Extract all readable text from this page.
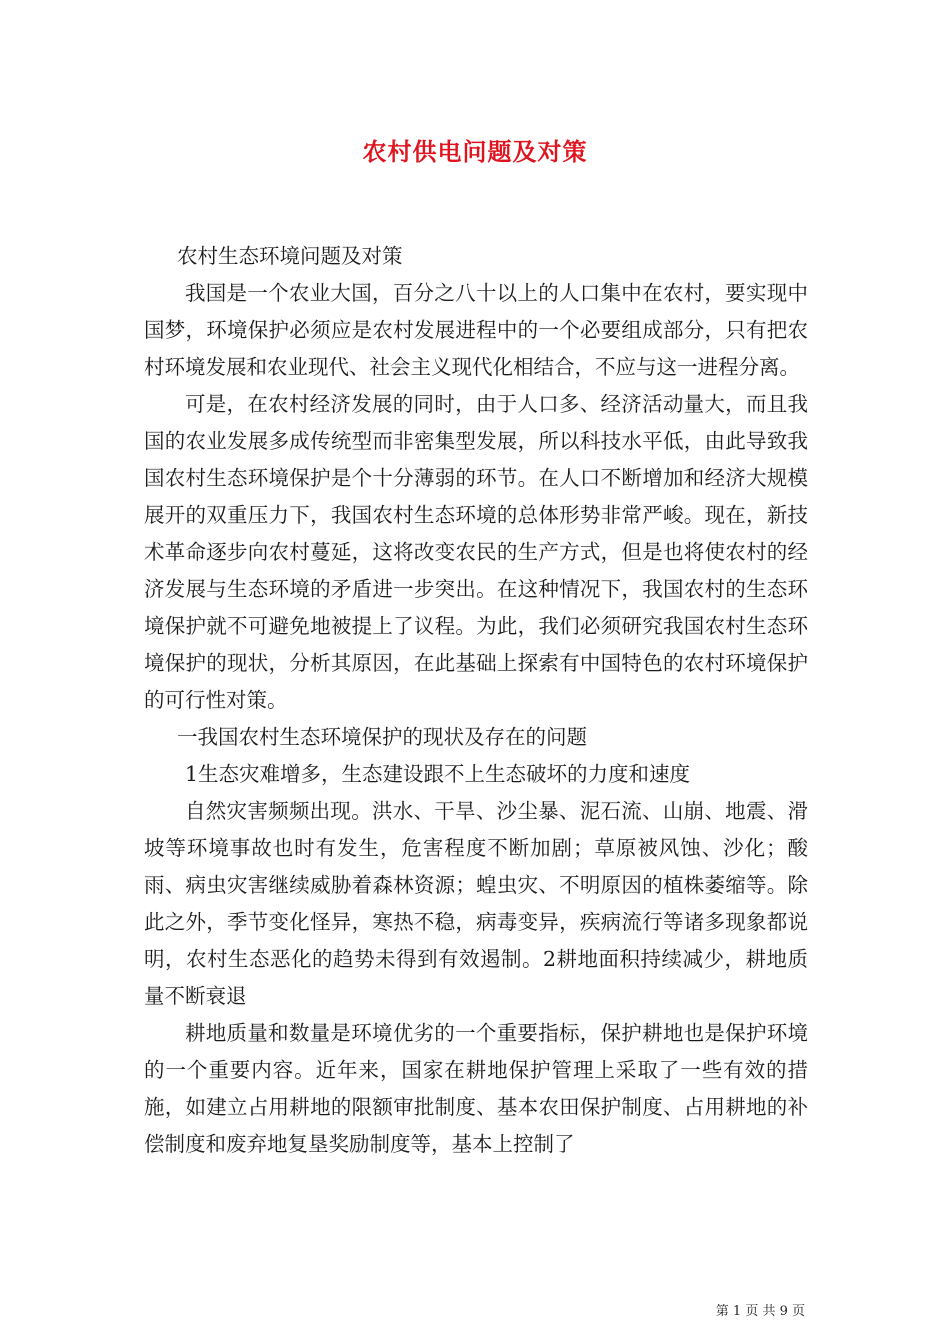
农村供电问题及对策

农村生态环境问题及对策

我国是一个农业大国，百分之八十以上的人口集中在农村，要实现中国梦，环境保护必须应是农村发展进程中的一个必要组成部分，只有把农村环境发展和农业现代、社会主义现代化相结合，不应与这一进程分离。

可是，在农村经济发展的同时，由于人口多、经济活动量大，而且我国的农业发展多成传统型而非密集型发展，所以科技水平低，由此导致我国农村生态环境保护是个十分薄弱的环节。在人口不断增加和经济大规模展开的双重压力下，我国农村生态环境的总体形势非常严峻。现在，新技术革命逐步向农村蔓延，这将改变农民的生产方式，但是也将使农村的经济发展与生态环境的矛盾进一步突出。在这种情况下，我国农村的生态环境保护就不可避免地被提上了议程。为此，我们必须研究我国农村生态环境保护的现状，分析其原因，在此基础上探索有中国特色的农村环境保护的可行性对策。

一我国农村生态环境保护的现状及存在的问题

1生态灾难增多，生态建设跟不上生态破坏的力度和速度

自然灾害频频出现。洪水、干旱、沙尘暴、泥石流、山崩、地震、滑坡等环境事故也时有发生，危害程度不断加剧；草原被风蚀、沙化；酸雨、病虫灾害继续威胁着森林资源；蝗虫灾、不明原因的植株萎缩等。除此之外，季节变化怪异，寒热不稳，病毒变异，疾病流行等诸多现象都说明，农村生态恶化的趋势未得到有效遏制。2耕地面积持续减少，耕地质量不断衰退

耕地质量和数量是环境优劣的一个重要指标，保护耕地也是保护环境的一个重要内容。近年来，国家在耕地保护管理上采取了一些有效的措施，如建立占用耕地的限额审批制度、基本农田保护制度、占用耕地的补偿制度和废弃地复垦奖励制度等，基本上控制了

第 1 页 共 9 页
